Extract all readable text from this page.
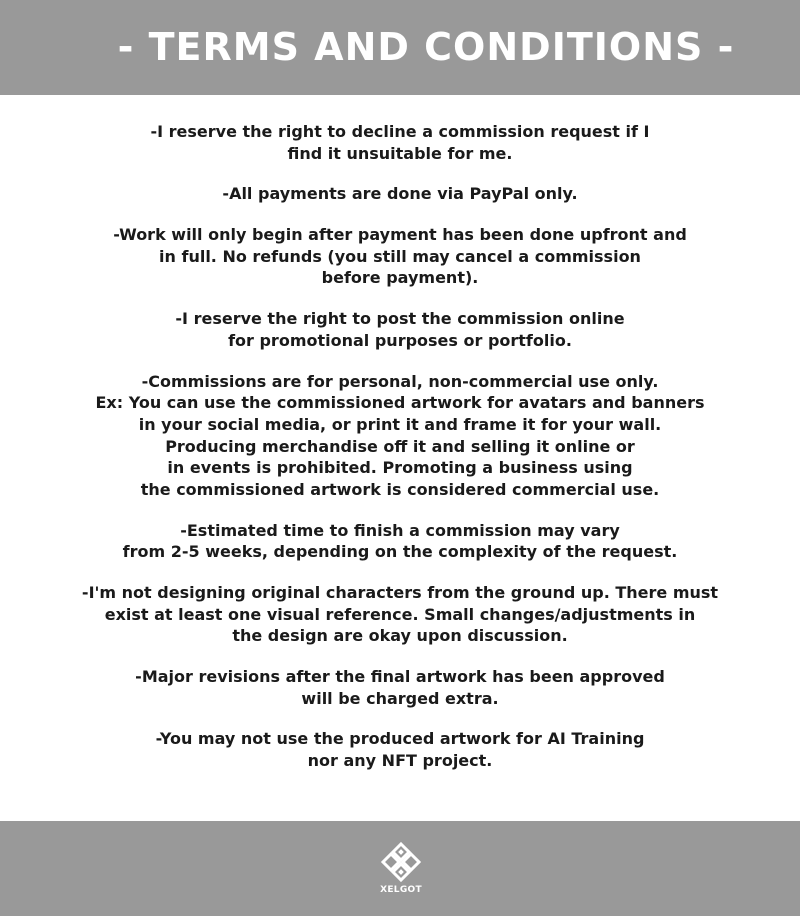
- TERMS AND CONDITIONS -
-I reserve the right to decline a commission request if I
find it unsuitable for me.
-All payments are done via PayPal only.
-Work will only begin after payment has been done upfront and
in full. No refunds (you still may cancel a commission
before payment).
-I reserve the right to post the commission online
for promotional purposes or portfolio.
-Commissions are for personal, non-commercial use only.
Ex: You can use the commissioned artwork for avatars and banners
in your social media, or print it and frame it for your wall.
Producing merchandise off it and selling it online or
in events is prohibited. Promoting a business using
the commissioned artwork is considered commercial use.
-Estimated time to finish a commission may vary
from 2-5 weeks, depending on the complexity of the request.
-I'm not designing original characters from the ground up. There must
exist at least one visual reference. Small changes/adjustments in
the design are okay upon discussion.
-Major revisions after the final artwork has been approved
will be charged extra.
-You may not use the produced artwork for AI Training
nor any NFT project.
XELGOT
